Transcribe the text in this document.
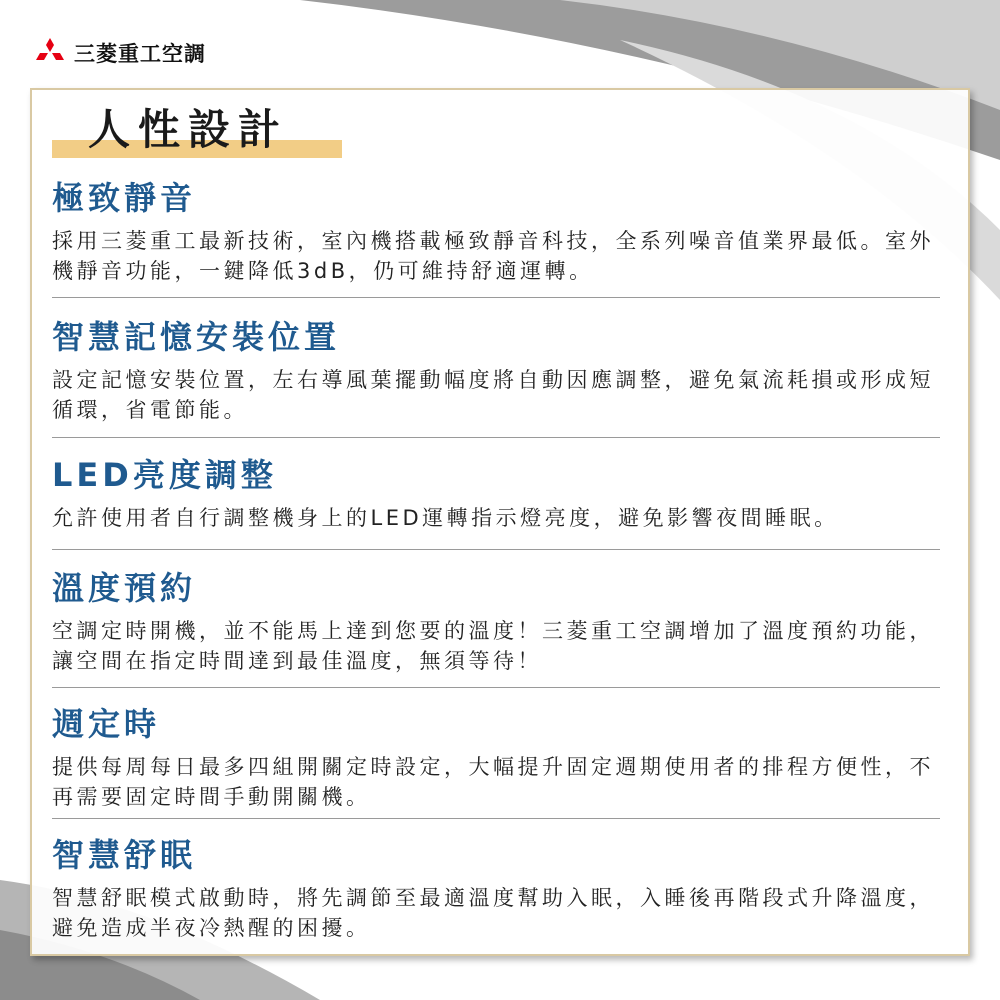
三菱重工空調
人性設計
極致靜音

採用三菱重工最新技術，室內機搭載極致靜音科技，全系列噪音值業界最低。室外機靜音功能，一鍵降低3dB，仍可維持舒適運轉。

智慧記憶安裝位置

設定記憶安裝位置，左右導風葉擺動幅度將自動因應調整，避免氣流耗損或形成短循環，省電節能。

LED亮度調整

允許使用者自行調整機身上的LED運轉指示燈亮度，避免影響夜間睡眠。

溫度預約

空調定時開機，並不能馬上達到您要的溫度！三菱重工空調增加了溫度預約功能，讓空間在指定時間達到最佳溫度，無須等待！

週定時

提供每周每日最多四組開關定時設定，大幅提升固定週期使用者的排程方便性，不再需要固定時間手動開關機。

智慧舒眠

智慧舒眠模式啟動時，將先調節至最適溫度幫助入眠，入睡後再階段式升降溫度，避免造成半夜冷熱醒的困擾。
